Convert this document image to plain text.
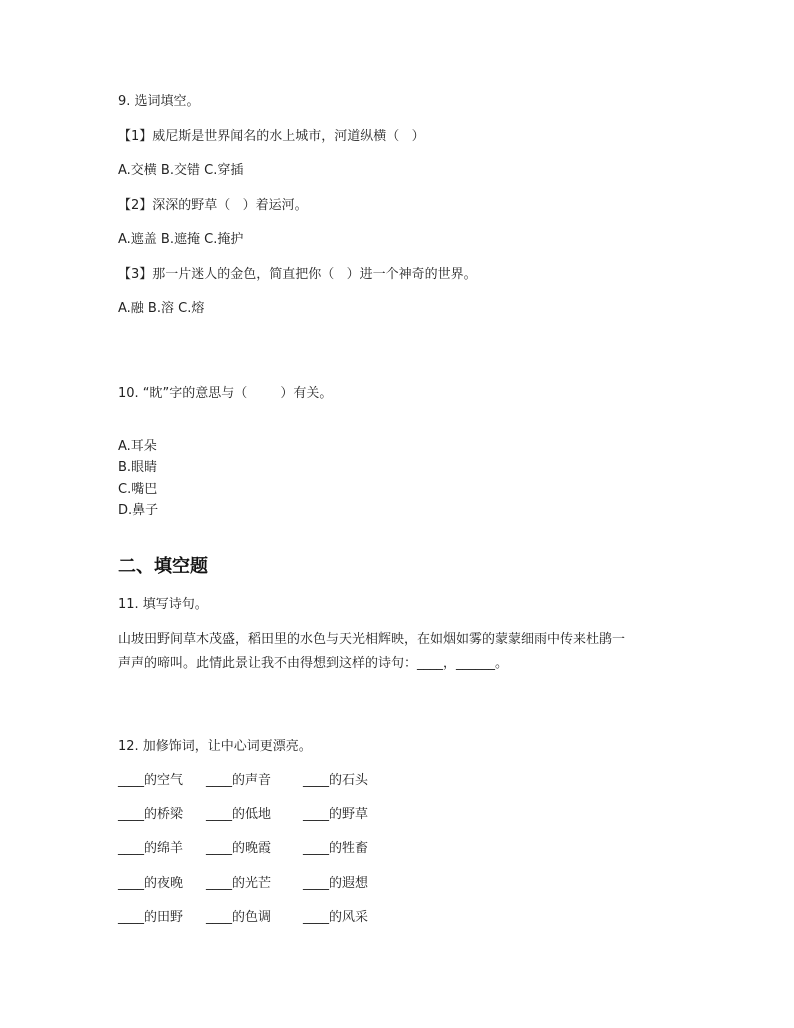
9. 选词填空。
【1】威尼斯是世界闻名的水上城市，河道纵横（   ）
A.交横 B.交错 C.穿插
【2】深深的野草（   ）着运河。
A.遮盖 B.遮掩 C.掩护
【3】那一片迷人的金色，简直把你（   ）进一个神奇的世界。
A.融 B.溶 C.熔
10. “眈”字的意思与（        ）有关。
A.耳朵
B.眼睛
C.嘴巴
D.鼻子
二、填空题
11. 填写诗句。
山坡田野间草木茂盛，稻田里的水色与天光相辉映，在如烟如雾的蒙蒙细雨中传来杜鹃一
声声的啼叫。此情此景让我不由得想到这样的诗句：____，______。
12. 加修饰词，让中心词更漂亮。
____的空气 ____的声音 ____的石头
____的桥梁 ____的低地 ____的野草
____的绵羊 ____的晚霞 ____的牲畜
____的夜晚 ____的光芒 ____的遐想
____的田野 ____的色调 ____的风采
